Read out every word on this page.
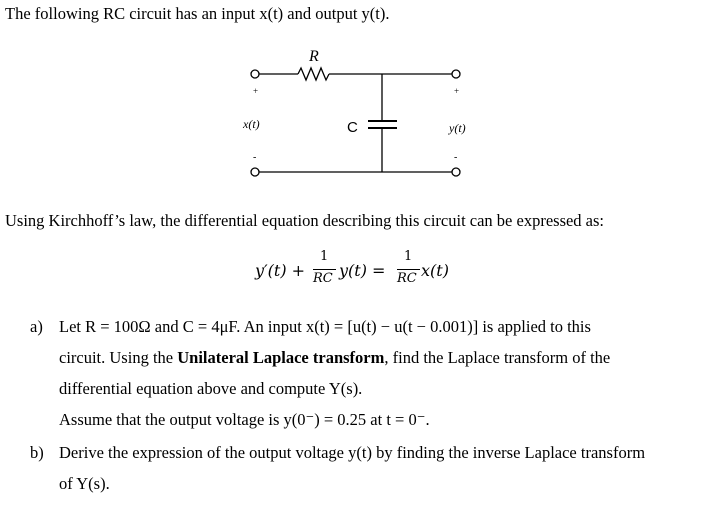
The following RC circuit has an input x(t) and output y(t).
R
C
x(t)	y(t)
+	+
-	-
Using Kirchhoff’s law, the differential equation describing this circuit can be expressed as:
y′(t) +
1
RC y(t) =
1
RC x(t)
a) Let R = 100Ω and C = 4μF. An input x(t) = [u(t) − u(t − 0.001)] is applied to this
circuit. Using the Unilateral Laplace transform, find the Laplace transform of the
differential equation above and compute Y(s).
Assume that the output voltage is y(0⁻) = 0.25 at t = 0⁻.
b) Derive the expression of the output voltage y(t) by finding the inverse Laplace transform
of Y(s).
